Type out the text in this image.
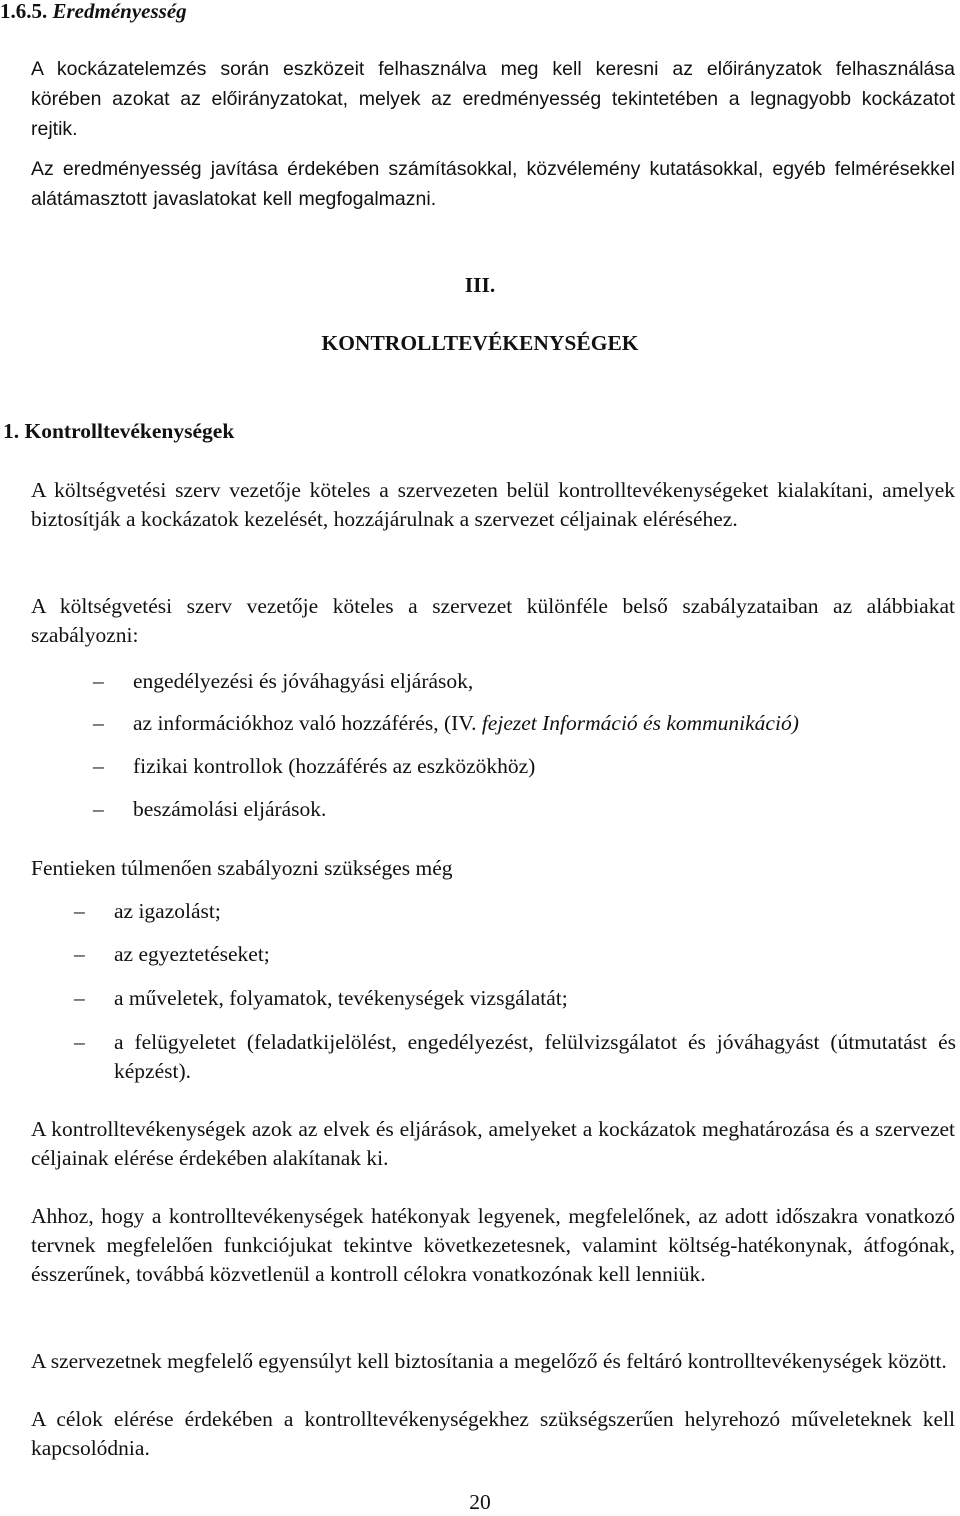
1.6.5. Eredményesség

A kockázatelemzés során eszközeit felhasználva meg kell keresni az előirányzatok felhasználása körében azokat az előirányzatokat, melyek az eredményesség tekintetében a legnagyobb kockázatot rejtik.

Az eredményesség javítása érdekében számításokkal, közvélemény kutatásokkal, egyéb felmérésekkel alátámasztott javaslatokat kell megfogalmazni.

III.

KONTROLLTEVÉKENYSÉGEK

1. Kontrolltevékenységek

A költségvetési szerv vezetője köteles a szervezeten belül kontrolltevékenységeket kialakítani, amelyek biztosítják a kockázatok kezelését, hozzájárulnak a szervezet céljainak eléréséhez.

A költségvetési szerv vezetője köteles a szervezet különféle belső szabályzataiban az alábbiakat szabályozni:

– engedélyezési és jóváhagyási eljárások,
– az információkhoz való hozzáférés, (IV. fejezet Információ és kommunikáció)
– fizikai kontrollok (hozzáférés az eszközökhöz)
– beszámolási eljárások.

Fentieken túlmenően szabályozni szükséges még

– az igazolást;
– az egyeztetéseket;
– a műveletek, folyamatok, tevékenységek vizsgálatát;
– a felügyeletet (feladatkijelölést, engedélyezést, felülvizsgálatot és jóváhagyást (útmutatást és képzést).

A kontrolltevékenységek azok az elvek és eljárások, amelyeket a kockázatok meghatározása és a szervezet céljainak elérése érdekében alakítanak ki.

Ahhoz, hogy a kontrolltevékenységek hatékonyak legyenek, megfelelőnek, az adott időszakra vonatkozó tervnek megfelelően funkciójukat tekintve következetesnek, valamint költség-hatékonynak, átfogónak, ésszerűnek, továbbá közvetlenül a kontroll célokra vonatkozónak kell lenniük.

A szervezetnek megfelelő egyensúlyt kell biztosítania a megelőző és feltáró kontrolltevékenységek között.

A célok elérése érdekében a kontrolltevékenységekhez szükségszerűen helyrehozó műveleteknek kell kapcsolódnia.

20
